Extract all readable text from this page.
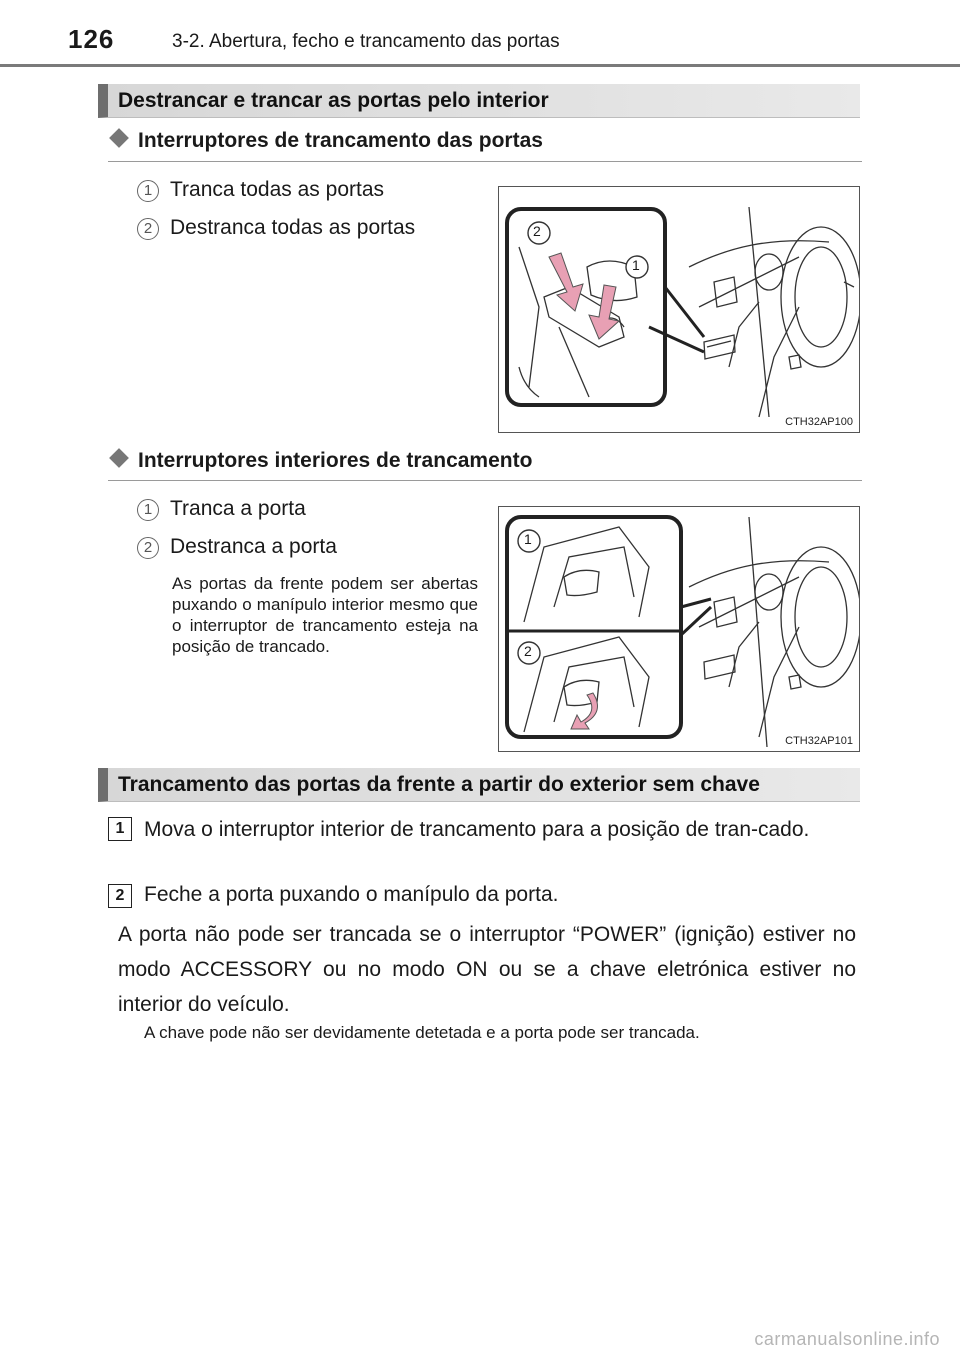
126	3-2. Abertura, fecho e trancamento das portas
Destrancar e trancar as portas pelo interior
Interruptores de trancamento das portas
1 Tranca todas as portas
2 Destranca todas as portas	2
1
CTH32AP100
Interruptores interiores de trancamento
1 Tranca a porta
2 Destranca a porta
As portas da frente podem ser abertas puxando o manípulo interior mesmo que o interruptor de trancamento esteja na posição de trancado.
1
2
CTH32AP101
Trancamento das portas da frente a partir do exterior sem chave
1 Mova o interruptor interior de trancamento para a posição de tran-cado.
2 Feche a porta puxando o manípulo da porta.
A porta não pode ser trancada se o interruptor “POWER” (ignição) estiver no modo ACCESSORY ou no modo ON ou se a chave eletrónica estiver no interior do veículo.
A chave pode não ser devidamente detetada e a porta pode ser trancada.
carmanualsonline.info
